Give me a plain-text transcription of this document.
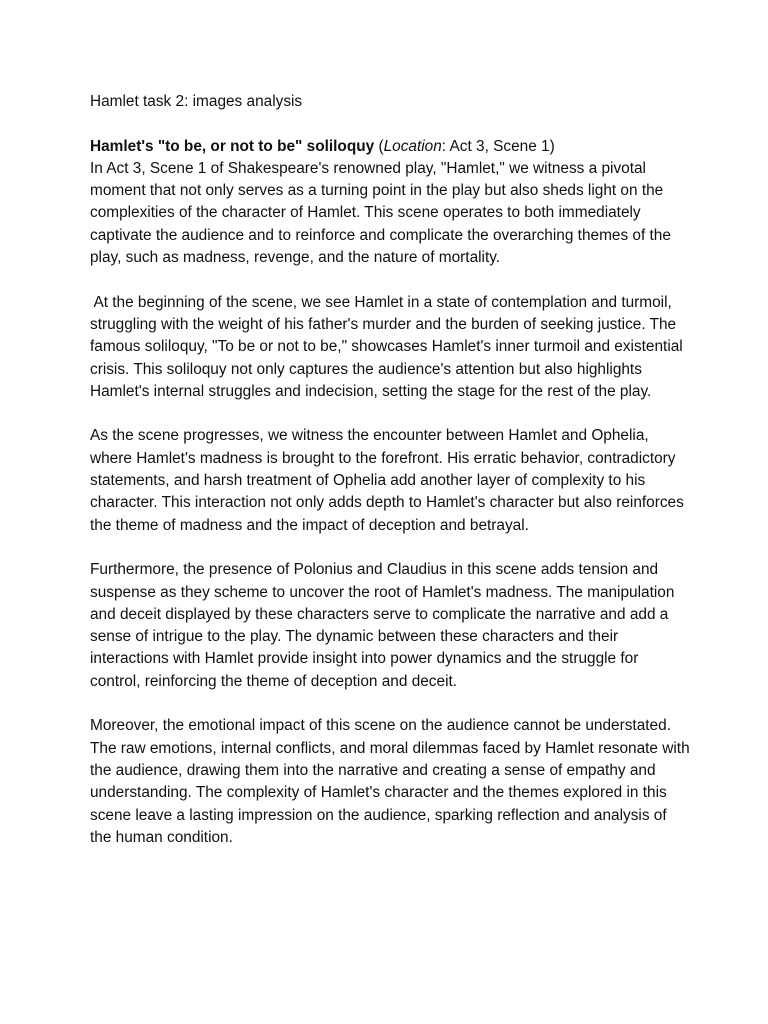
Hamlet task 2: images analysis

Hamlet's "to be, or not to be" soliloquy (Location: Act 3, Scene 1)

In Act 3, Scene 1 of Shakespeare's renowned play, "Hamlet," we witness a pivotal moment that not only serves as a turning point in the play but also sheds light on the complexities of the character of Hamlet. This scene operates to both immediately captivate the audience and to reinforce and complicate the overarching themes of the play, such as madness, revenge, and the nature of mortality.

At the beginning of the scene, we see Hamlet in a state of contemplation and turmoil, struggling with the weight of his father's murder and the burden of seeking justice. The famous soliloquy, "To be or not to be," showcases Hamlet's inner turmoil and existential crisis. This soliloquy not only captures the audience's attention but also highlights Hamlet's internal struggles and indecision, setting the stage for the rest of the play.

As the scene progresses, we witness the encounter between Hamlet and Ophelia, where Hamlet's madness is brought to the forefront. His erratic behavior, contradictory statements, and harsh treatment of Ophelia add another layer of complexity to his character. This interaction not only adds depth to Hamlet's character but also reinforces the theme of madness and the impact of deception and betrayal.

Furthermore, the presence of Polonius and Claudius in this scene adds tension and suspense as they scheme to uncover the root of Hamlet's madness. The manipulation and deceit displayed by these characters serve to complicate the narrative and add a sense of intrigue to the play. The dynamic between these characters and their interactions with Hamlet provide insight into power dynamics and the struggle for control, reinforcing the theme of deception and deceit.

Moreover, the emotional impact of this scene on the audience cannot be understated. The raw emotions, internal conflicts, and moral dilemmas faced by Hamlet resonate with the audience, drawing them into the narrative and creating a sense of empathy and understanding. The complexity of Hamlet's character and the themes explored in this scene leave a lasting impression on the audience, sparking reflection and analysis of the human condition.
